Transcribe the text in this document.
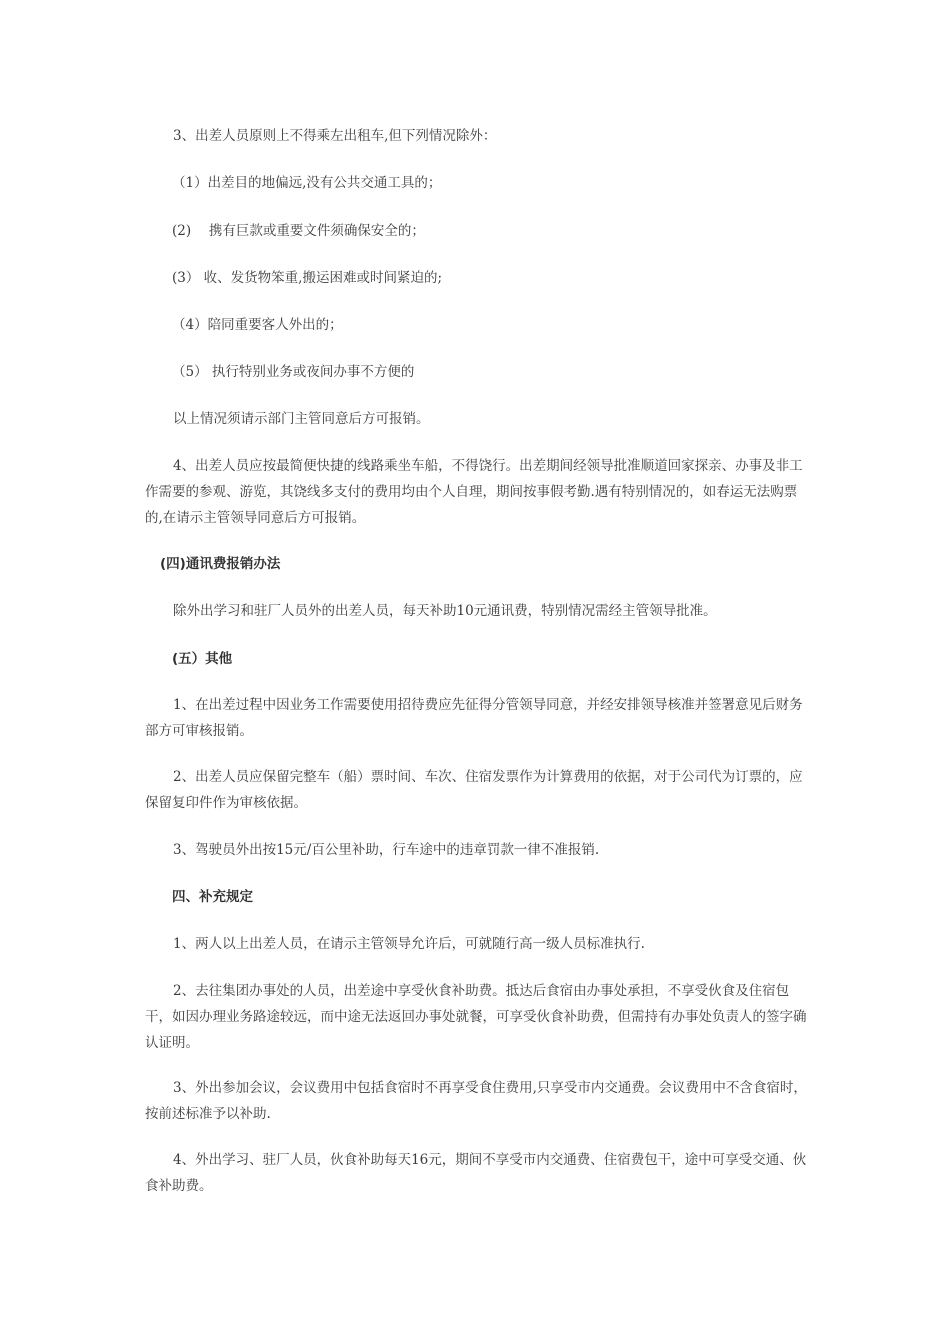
3、出差人员原则上不得乘左出租车,但下列情况除外：

（1）出差目的地偏远,没有公共交通工具的；

(2)　 携有巨款或重要文件须确保安全的；

(3） 收、发货物笨重,搬运困难或时间紧迫的;

（4）陪同重要客人外出的；

（5） 执行特别业务或夜间办事不方便的

以上情况须请示部门主管同意后方可报销。

4、出差人员应按最简便快捷的线路乘坐车船，不得饶行。出差期间经领导批准顺道回家探亲、办事及非工作需要的参观、游览，其饶线多支付的费用均由个人自理，期间按事假考勤.遇有特别情况的，如春运无法购票的,在请示主管领导同意后方可报销。

(四)通讯费报销办法

除外出学习和驻厂人员外的出差人员，每天补助10元通讯费，特别情况需经主管领导批准。

(五）其他

1、在出差过程中因业务工作需要使用招待费应先征得分管领导同意，并经安排领导核准并签署意见后财务部方可审核报销。

2、出差人员应保留完整车（船）票时间、车次、住宿发票作为计算费用的依据，对于公司代为订票的，应保留复印件作为审核依据。

3、驾驶员外出按15元/百公里补助，行车途中的违章罚款一律不准报销.

四、补充规定

1、两人以上出差人员，在请示主管领导允许后，可就随行高一级人员标准执行.

2、去往集团办事处的人员，出差途中享受伙食补助费。抵达后食宿由办事处承担，不享受伙食及住宿包干，如因办理业务路途较远，而中途无法返回办事处就餐，可享受伙食补助费，但需持有办事处负责人的签字确认证明。

3、外出参加会议，会议费用中包括食宿时不再享受食住费用,只享受市内交通费。会议费用中不含食宿时，按前述标准予以补助.

4、外出学习、驻厂人员，伙食补助每天16元，期间不享受市内交通费、住宿费包干，途中可享受交通、伙食补助费。
